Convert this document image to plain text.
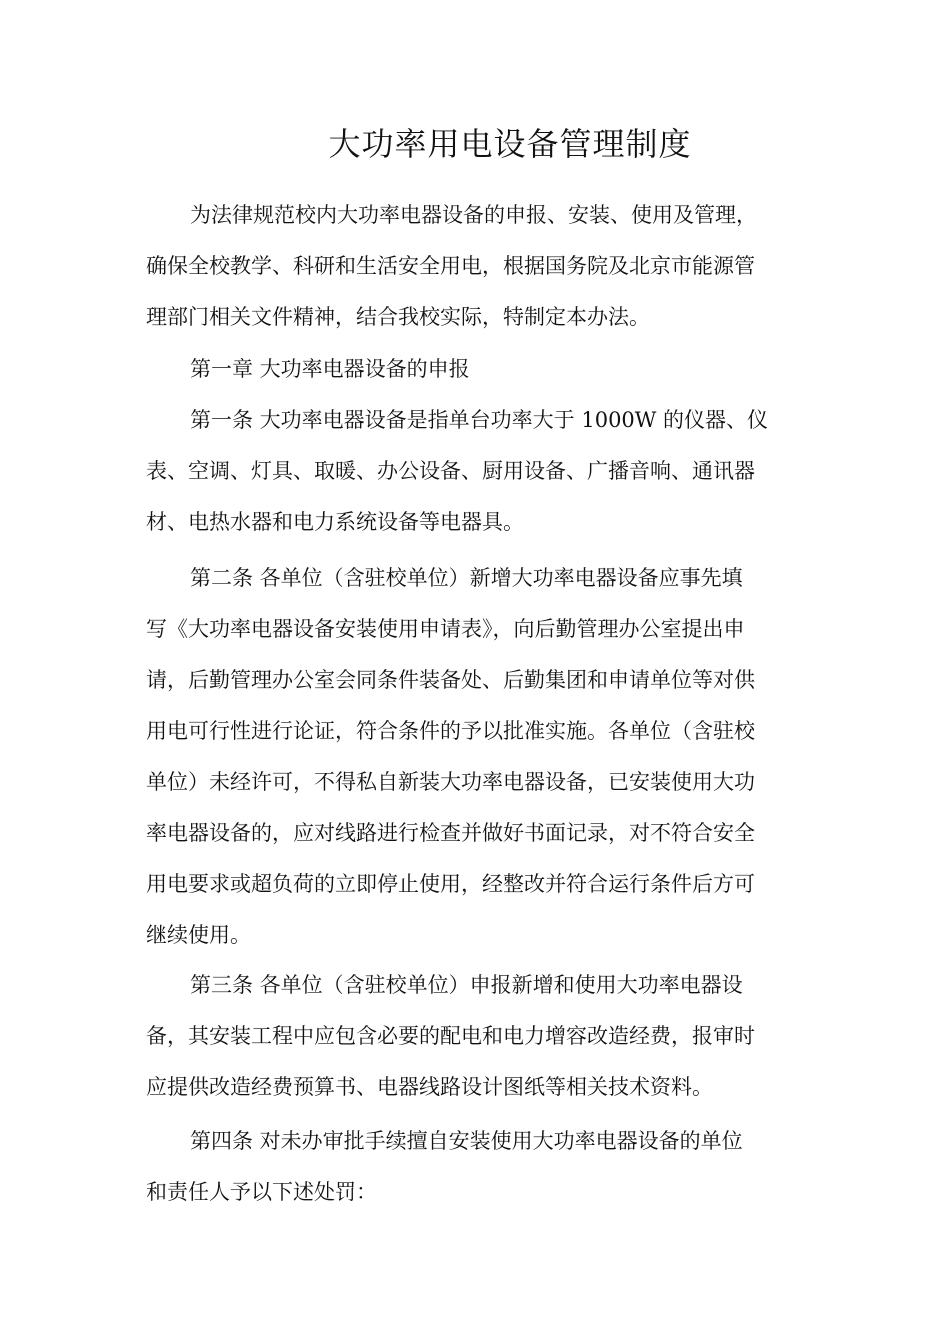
大功率用电设备管理制度
为法律规范校内大功率电器设备的申报、安装、使用及管理，
确保全校教学、科研和生活安全用电，根据国务院及北京市能源管
理部门相关文件精神，结合我校实际，特制定本办法。
第一章 大功率电器设备的申报
第一条 大功率电器设备是指单台功率大于 1000W 的仪器、仪
表、空调、灯具、取暖、办公设备、厨用设备、广播音响、通讯器
材、电热水器和电力系统设备等电器具。
第二条 各单位（含驻校单位）新增大功率电器设备应事先填
写《大功率电器设备安装使用申请表》，向后勤管理办公室提出申
请，后勤管理办公室会同条件装备处、后勤集团和申请单位等对供
用电可行性进行论证，符合条件的予以批准实施。各单位（含驻校
单位）未经许可，不得私自新装大功率电器设备，已安装使用大功
率电器设备的，应对线路进行检查并做好书面记录，对不符合安全
用电要求或超负荷的立即停止使用，经整改并符合运行条件后方可
继续使用。
第三条 各单位（含驻校单位）申报新增和使用大功率电器设
备，其安装工程中应包含必要的配电和电力增容改造经费，报审时
应提供改造经费预算书、电器线路设计图纸等相关技术资料。
第四条 对未办审批手续擅自安装使用大功率电器设备的单位
和责任人予以下述处罚：
